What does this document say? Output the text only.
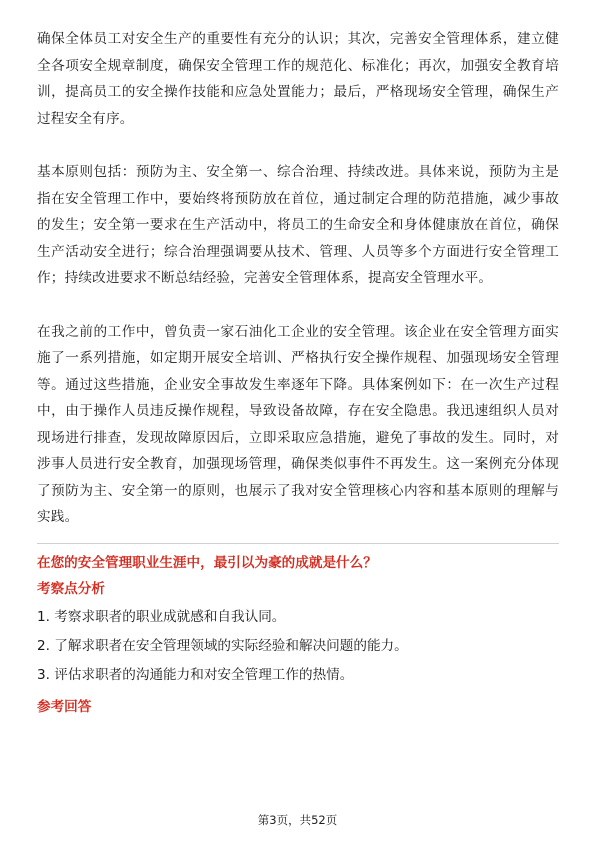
确保全体员工对安全生产的重要性有充分的认识；其次，完善安全管理体系，建立健全各项安全规章制度，确保安全管理工作的规范化、标准化；再次，加强安全教育培训，提高员工的安全操作技能和应急处置能力；最后，严格现场安全管理，确保生产过程安全有序。

基本原则包括：预防为主、安全第一、综合治理、持续改进。具体来说，预防为主是指在安全管理工作中，要始终将预防放在首位，通过制定合理的防范措施，减少事故的发生；安全第一要求在生产活动中，将员工的生命安全和身体健康放在首位，确保生产活动安全进行；综合治理强调要从技术、管理、人员等多个方面进行安全管理工作；持续改进要求不断总结经验，完善安全管理体系，提高安全管理水平。

在我之前的工作中，曾负责一家石油化工企业的安全管理。该企业在安全管理方面实施了一系列措施，如定期开展安全培训、严格执行安全操作规程、加强现场安全管理等。通过这些措施，企业安全事故发生率逐年下降。具体案例如下：在一次生产过程中，由于操作人员违反操作规程，导致设备故障，存在安全隐患。我迅速组织人员对现场进行排查，发现故障原因后，立即采取应急措施，避免了事故的发生。同时，对涉事人员进行安全教育，加强现场管理，确保类似事件不再发生。这一案例充分体现了预防为主、安全第一的原则，也展示了我对安全管理核心内容和基本原则的理解与实践。

在您的安全管理职业生涯中，最引以为豪的成就是什么？
考察点分析
1. 考察求职者的职业成就感和自我认同。
2. 了解求职者在安全管理领域的实际经验和解决问题的能力。
3. 评估求职者的沟通能力和对安全管理工作的热情。
参考回答
第3页，共52页
